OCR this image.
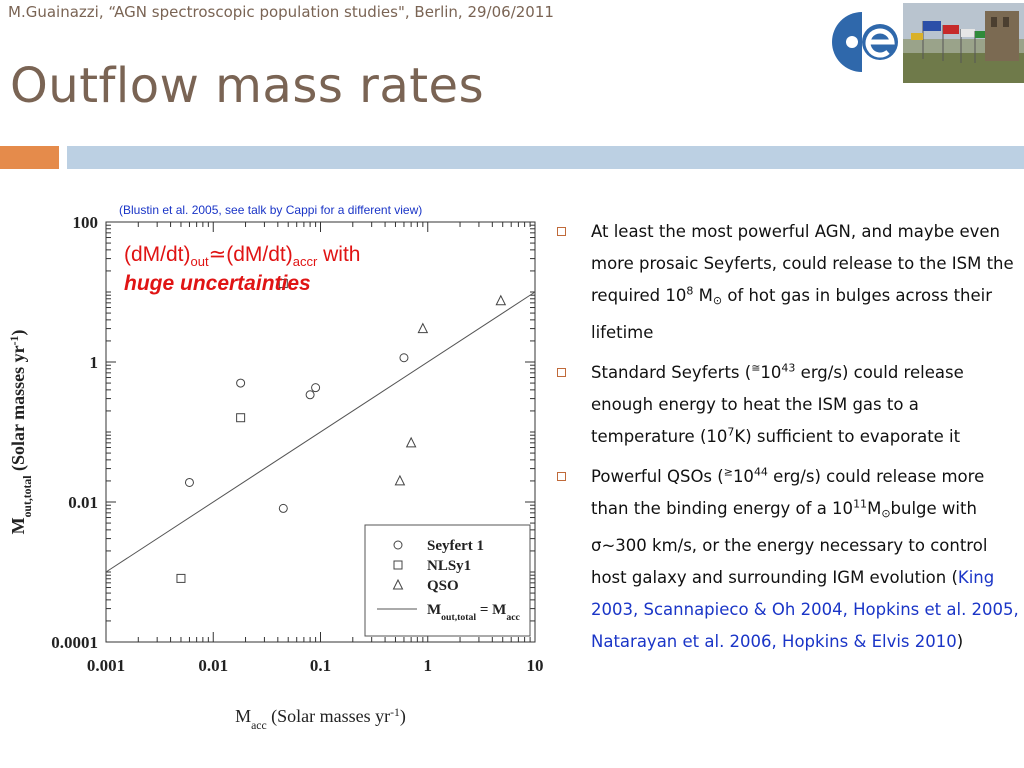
M.Guainazzi, “AGN spectroscopic population studies", Berlin, 29/06/2011
Outflow mass rates
(Blustin et al. 2005, see talk by Cappi for a different view)
0.001	0.01	0.1	1	10
0.0001
0.01
1
100
$M_{acc}$ (Solar masses $yr^{-1}$)
$M_{out,total}$ (Solar masses $yr^{-1}$)
Seyfert 1
NLSy1
QSO
$M_{out,total} = M_{acc}$
$(dM/dt)_{out}≃(dM/dt)_{accr}$ with
huge uncertainties
At least the most powerful AGN, and maybe even more prosaic Seyferts, could release to the ISM the required $10^8$ M⊙ of hot gas in bulges across their lifetime
Standard Seyferts ($^≅10^{43}$ erg/s) could release enough energy to heat the ISM gas to a temperature $(10^7K)$ sufficient to evaporate it
Powerful QSOs ($^\ge 10^{44}$ erg/s) could release more than the binding energy of a $10^{11}M⊙bulge$ with σ~300 km/s, or the energy necessary to control host galaxy and surrounding IGM evolution (King 2003, Scannapieco & Oh 2004, Hopkins et al. 2005, Natarayan et al. 2006, Hopkins & Elvis 2010)
